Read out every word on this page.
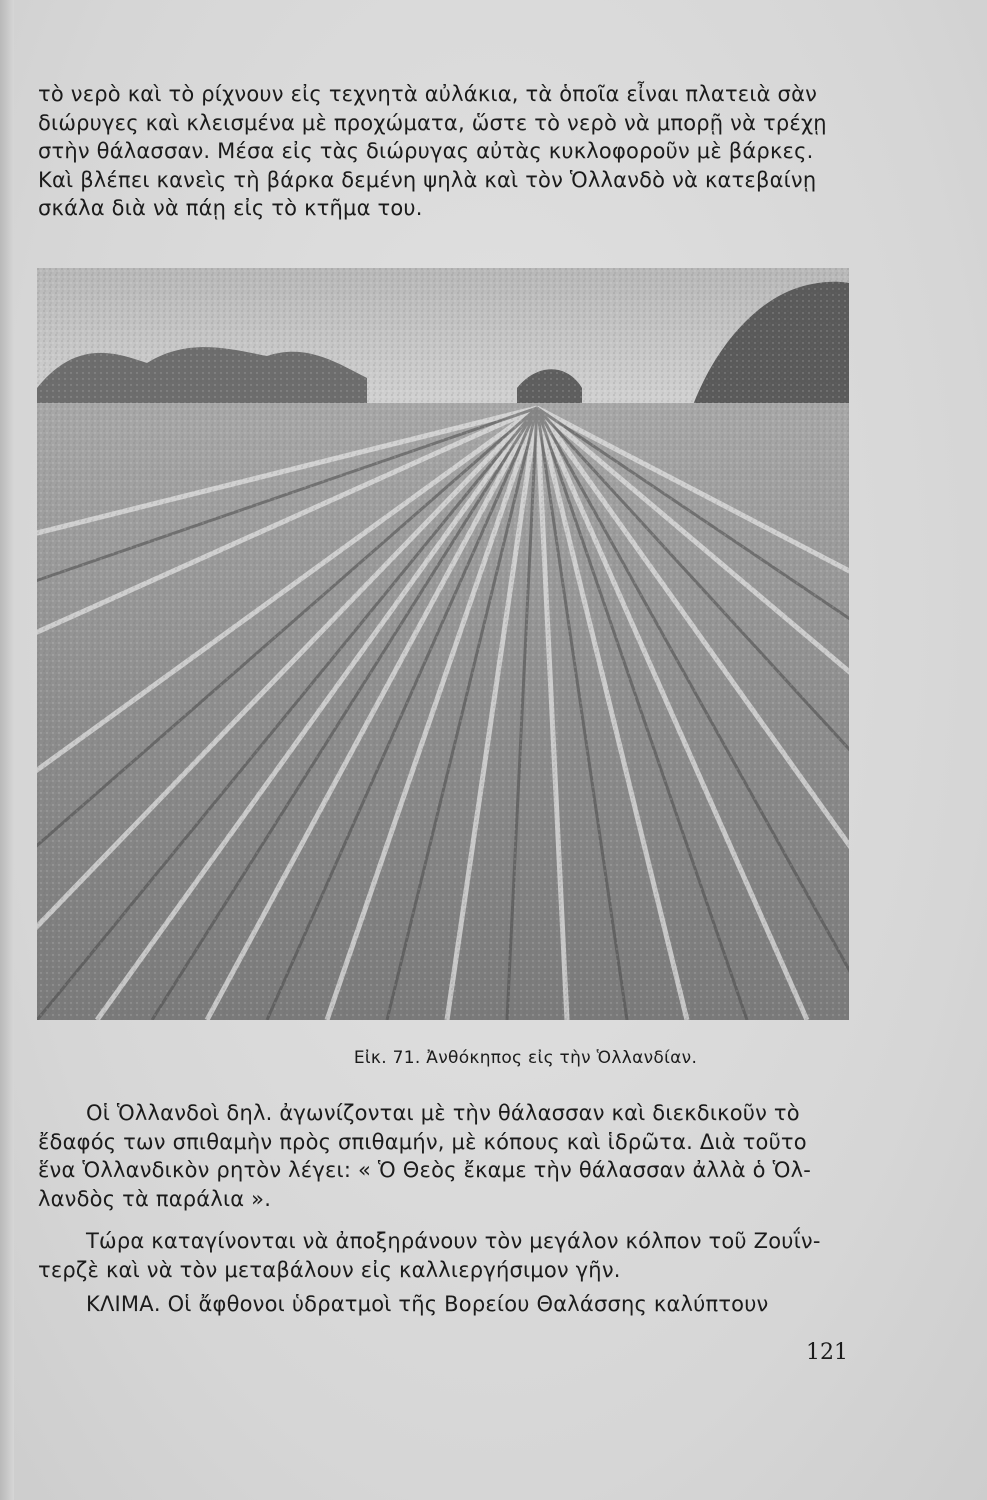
τὸ νερὸ καὶ τὸ ρίχνουν εἰς τεχνητὰ αὐλάκια, τὰ ὁποῖα εἶναι πλατειὰ σὰν
διώρυγες καὶ κλεισμένα μὲ προχώματα, ὥστε τὸ νερὸ νὰ μπορῇ νὰ τρέχῃ
στὴν θάλασσαν. Μέσα εἰς τὰς διώρυγας αὐτὰς κυκλοφοροῦν μὲ βάρκες.
Καὶ βλέπει κανεὶς τὴ βάρκα δεμένη ψηλὰ καὶ τὸν Ὁλλανδὸ νὰ κατεβαίνῃ
σκάλα διὰ νὰ πάῃ εἰς τὸ κτῆμα του.
Εἰκ. 71. Ἀνθόκηπος εἰς τὴν Ὁλλανδίαν.
Οἱ Ὁλλανδοὶ δηλ. ἀγωνίζονται μὲ τὴν θάλασσαν καὶ διεκδικοῦν τὸ
ἔδαφός των σπιθαμὴν πρὸς σπιθαμήν, μὲ κόπους καὶ ἱδρῶτα. Διὰ τοῦτο
ἕνα Ὁλλανδικὸν ρητὸν λέγει: « Ὁ Θεὸς ἔκαμε τὴν θάλασσαν ἀλλὰ ὁ Ὁλ-
λανδὸς τὰ παράλια ».
Τώρα καταγίνονται νὰ ἀποξηράνουν τὸν μεγάλον κόλπον τοῦ Ζουΐν-
τερζὲ καὶ νὰ τὸν μεταβάλουν εἰς καλλιεργήσιμον γῆν.
ΚΛΙΜΑ. Οἱ ἄφθονοι ὑδρατμοὶ τῆς Βορείου Θαλάσσης καλύπτουν
121
